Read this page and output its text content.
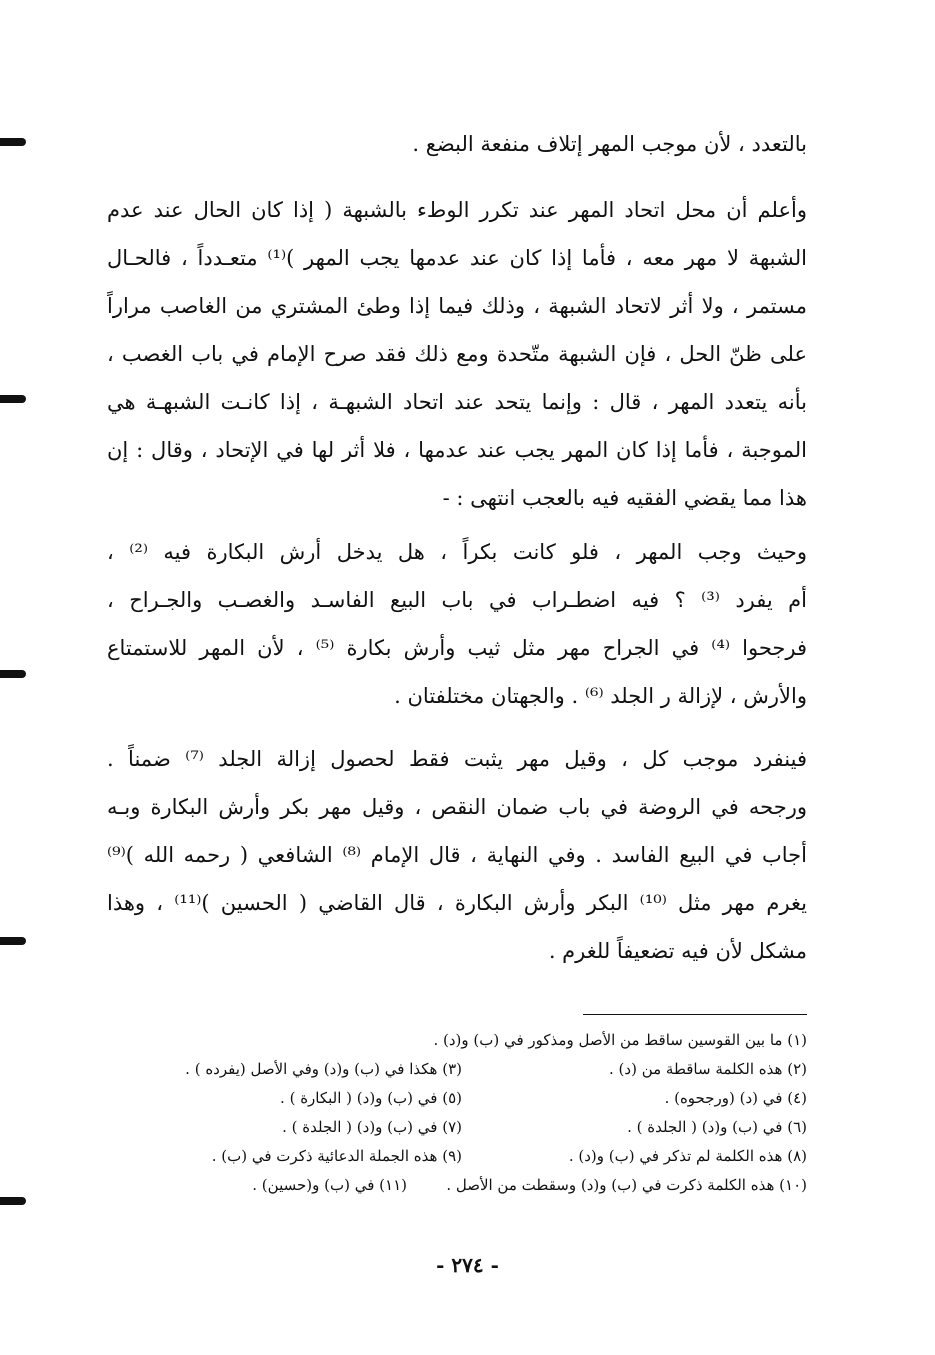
بالتعدد ، لأن موجب المهر إتلاف منفعة البضع .
وأعلم أن محل اتحاد المهر عند تكرر الوطء بالشبهة ( إذا كان الحال عند عدم
الشبهة لا مهر معه ، فأما إذا كان عند عدمها يجب المهر )⁽¹⁾ متعـدداً ، فالحـال
مستمر ، ولا أثر لاتحاد الشبهة ، وذلك فيما إذا وطئ المشتري من الغاصب مراراً
على ظنّ الحل ، فإن الشبهة متّحدة ومع ذلك فقد صرح الإمام في باب الغصب ،
بأنه يتعدد المهر ، قال : وإنما يتحد عند اتحاد الشبهـة ، إذا كانـت الشبهـة هي
الموجبة ، فأما إذا كان المهر يجب عند عدمها ، فلا أثر لها في الإتحاد ، وقال : إن
هذا مما يقضي الفقيه فيه بالعجب انتهى : -
وحيث وجب المهر ، فلو كانت بكراً ، هل يدخل أرش البكارة فيه ⁽²⁾ ،
أم يفرد ⁽³⁾ ؟ فيه اضطـراب في باب البيع الفاسـد والغصـب والجـراح ،
فرجحوا ⁽⁴⁾ في الجراح مهر مثل ثيب وأرش بكارة ⁽⁵⁾ ، لأن المهر للاستمتاع
والأرش ، لإزالة ر الجلد ⁽⁶⁾ . والجهتان مختلفتان .
فينفرد موجب كل ، وقيل مهر يثبت فقط لحصول إزالة الجلد ⁽⁷⁾ ضمناً .
ورجحه في الروضة في باب ضمان النقص ، وقيل مهر بكر وأرش البكارة وبـه
أجاب في البيع الفاسد . وفي النهاية ، قال الإمام ⁽⁸⁾ الشافعي ( رحمه الله )⁽⁹⁾
يغرم مهر مثل ⁽¹⁰⁾ البكر وأرش البكارة ، قال القاضي ( الحسين )⁽¹¹⁾ ، وهذا
مشكل لأن فيه تضعيفاً للغرم .
(١) ما بين القوسين ساقط من الأصل ومذكور في (ب) و(د) .
(٢) هذه الكلمة ساقطة من (د) .
(٣) هكذا في (ب) و(د) وفي الأصل (يفرده ) .
(٤) في (د) (ورجحوه) .
(٥) في (ب) و(د) ( البكارة ) .
(٦) في (ب) و(د) ( الجلدة ) .
(٧) في (ب) و(د) ( الجلدة ) .
(٨) هذه الكلمة لم تذكر في (ب) و(د) .
(٩) هذه الجملة الدعائية ذكرت في (ب) .
(١٠) هذه الكلمة ذكرت في (ب) و(د) وسقطت من الأصل .
(١١) في (ب) و(حسين) .
- ٢٧٤ -
